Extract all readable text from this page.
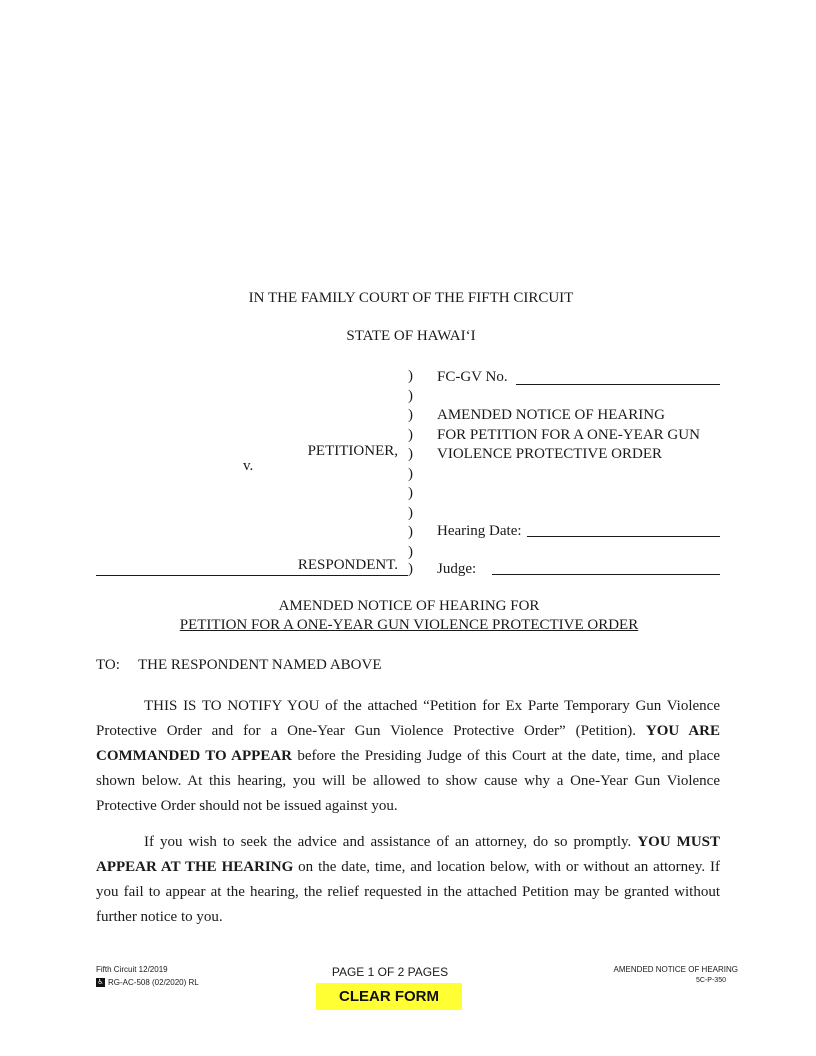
IN THE FAMILY COURT OF THE FIFTH CIRCUIT
STATE OF HAWAI‘I
)
)
)
)
)
)
)
)
)
)
)
PETITIONER,
v.
RESPONDENT.
FC-GV No.
AMENDED NOTICE OF HEARING
FOR PETITION FOR A ONE-YEAR GUN
VIOLENCE PROTECTIVE ORDER
Hearing Date:
Judge:
AMENDED NOTICE OF HEARING FOR
PETITION FOR A ONE-YEAR GUN VIOLENCE PROTECTIVE ORDER
TO: THE RESPONDENT NAMED ABOVE
THIS IS TO NOTIFY YOU of the attached “Petition for Ex Parte Temporary Gun Violence Protective Order and for a One-Year Gun Violence Protective Order” (Petition). YOU ARE COMMANDED TO APPEAR before the Presiding Judge of this Court at the date, time, and place shown below. At this hearing, you will be allowed to show cause why a One-Year Gun Violence Protective Order should not be issued against you.
If you wish to seek the advice and assistance of an attorney, do so promptly. YOU MUST APPEAR AT THE HEARING on the date, time, and location below, with or without an attorney. If you fail to appear at the hearing, the relief requested in the attached Petition may be granted without further notice to you.
Fifth Circuit 12/2019
♿ RG-AC-508 (02/2020) RL
PAGE 1 OF 2 PAGES	AMENDED NOTICE OF HEARING
5C-P-350
CLEAR FORM
